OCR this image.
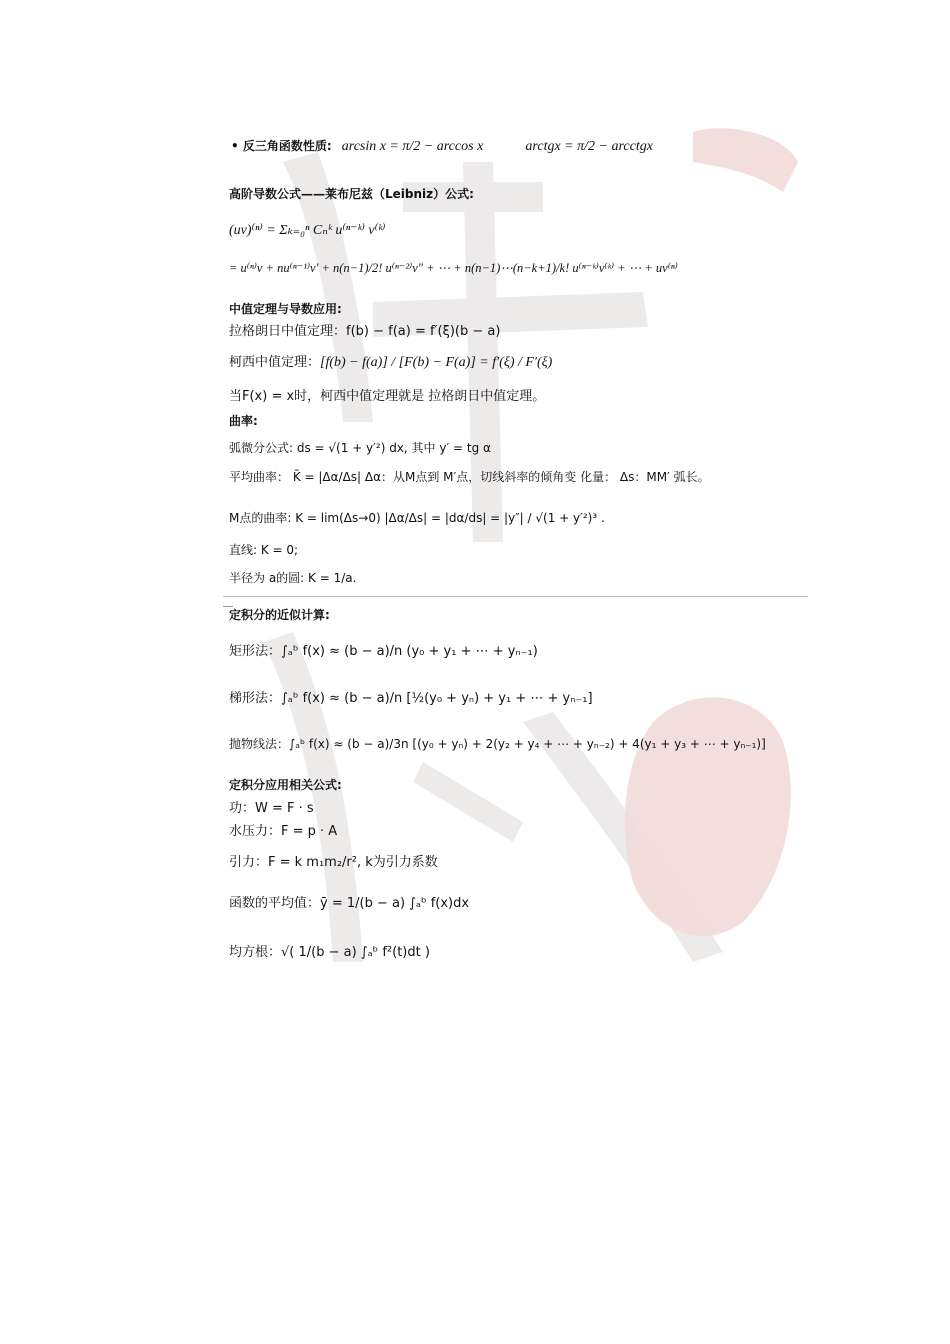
• 反三角函数性质: arcsin x = π/2 − arccos x	arctgx = π/2 − arcctgx
高阶导数公式——莱布尼兹（Leibniz）公式:
(uv)⁽ⁿ⁾ = Σₖ₌₀ⁿ Cₙᵏ u⁽ⁿ⁻ᵏ⁾ v⁽ᵏ⁾
= u⁽ⁿ⁾v + nu⁽ⁿ⁻¹⁾v′ + n(n−1)/2! u⁽ⁿ⁻²⁾v″ + ⋯ + n(n−1)⋯(n−k+1)/k! u⁽ⁿ⁻ᵏ⁾v⁽ᵏ⁾ + ⋯ + uv⁽ⁿ⁾
中值定理与导数应用:
拉格朗日中值定理：f(b) − f(a) = f′(ξ)(b − a)
柯西中值定理：[f(b) − f(a)] / [F(b) − F(a)] = f′(ξ) / F′(ξ)
当F(x) = x时，柯西中值定理就是 拉格朗日中值定理。
曲率:
弧微分公式: ds = √(1 + y′²) dx, 其中 y′ = tg α
平均曲率： K̄ = |Δα/Δs| Δα：从M点到 M′点，切线斜率的倾角变 化量： Δs：MM′ 弧长。
M点的曲率: K = lim(Δs→0) |Δα/Δs| = |dα/ds| = |y″| / √(1 + y′²)³ .
直线: K = 0;
半径为 a的圆: K = 1/a.
定积分的近似计算:
矩形法：∫ₐᵇ f(x) ≈ (b − a)/n (y₀ + y₁ + ⋯ + yₙ₋₁)
梯形法：∫ₐᵇ f(x) ≈ (b − a)/n [½(y₀ + yₙ) + y₁ + ⋯ + yₙ₋₁]
抛物线法：∫ₐᵇ f(x) ≈ (b − a)/3n [(y₀ + yₙ) + 2(y₂ + y₄ + ⋯ + yₙ₋₂) + 4(y₁ + y₃ + ⋯ + yₙ₋₁)]
定积分应用相关公式:
功：W = F · s
水压力：F = p · A
引力：F = k m₁m₂/r², k为引力系数
函数的平均值：ȳ = 1/(b − a) ∫ₐᵇ f(x)dx
均方根：√( 1/(b − a) ∫ₐᵇ f²(t)dt )
